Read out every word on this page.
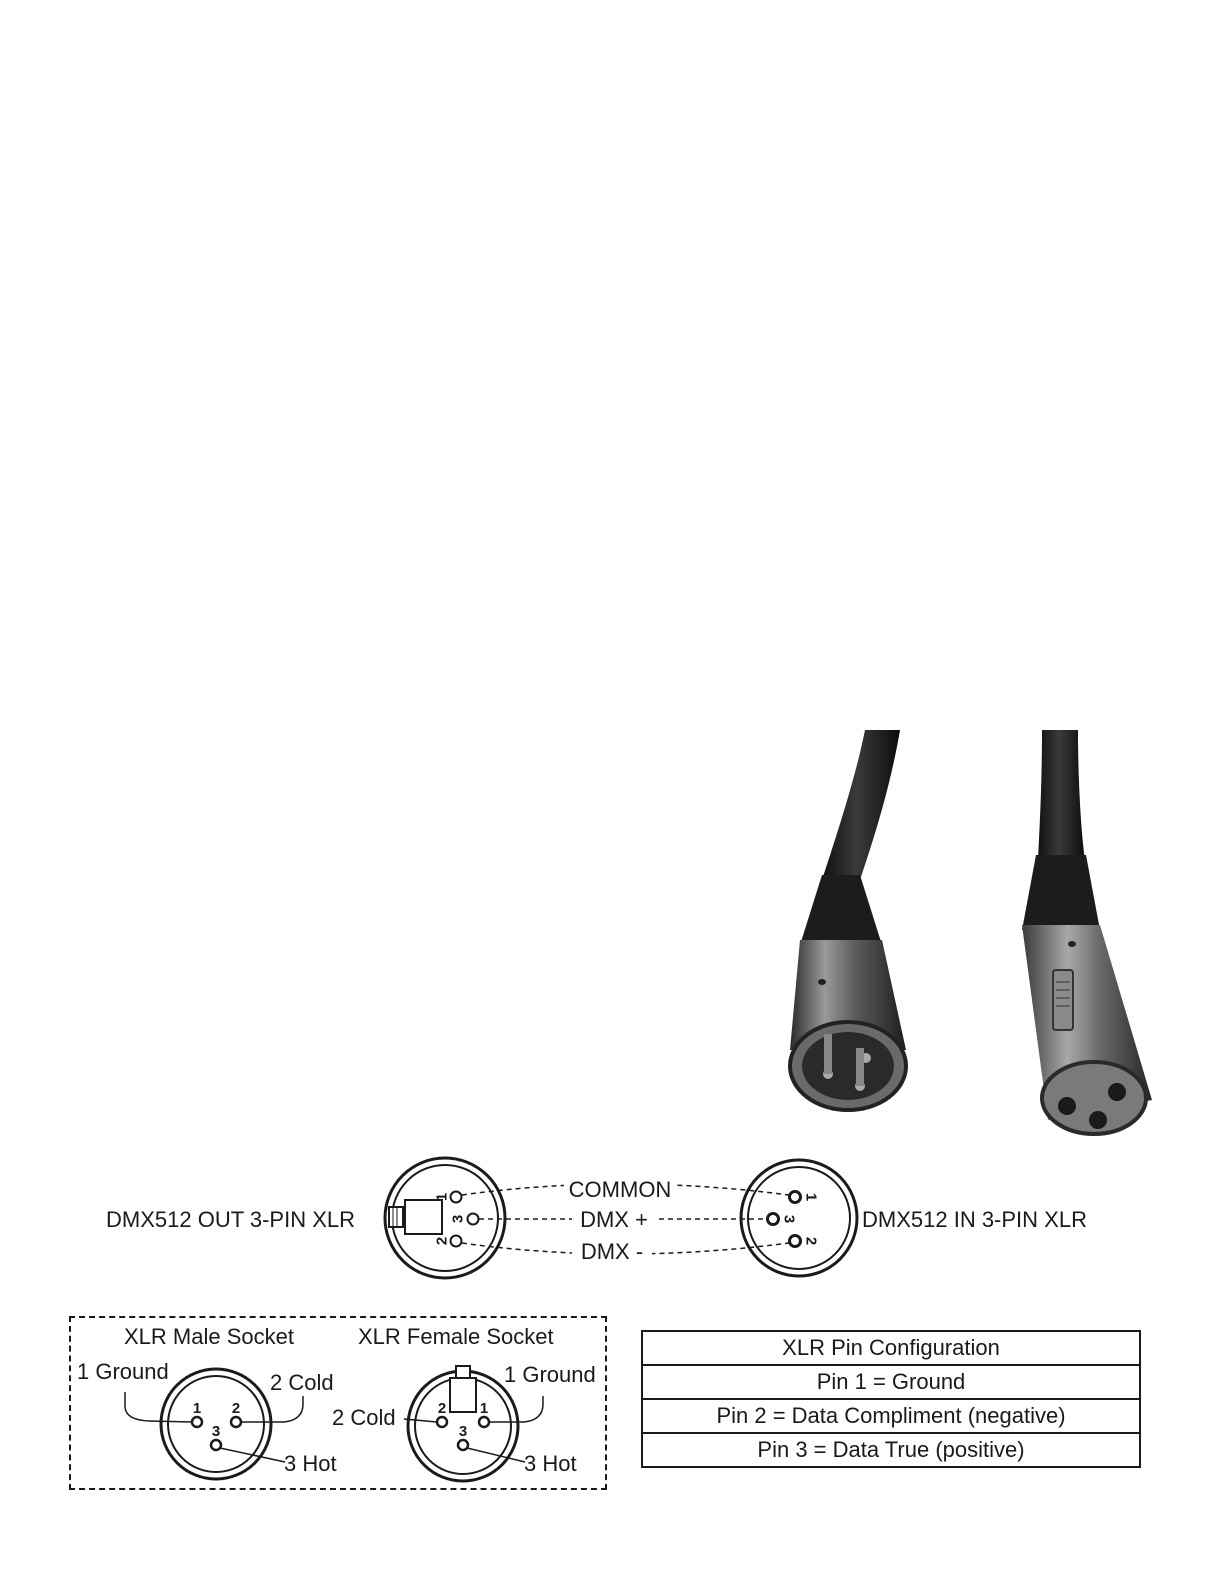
1
3
2
1
3
2
COMMON
DMX +
DMX -
DMX512 OUT 3-PIN XLR	DMX512 IN 3-PIN XLR
XLR Male Socket	XLR Female Socket
1 Ground	2 Cold
3 Hot
1 Ground
2 Cold
3 Hot
1 2
3
2 1
3
XLR Pin Configuration
Pin 1 = Ground
Pin 2 = Data Compliment (negative)
Pin 3 = Data True (positive)
